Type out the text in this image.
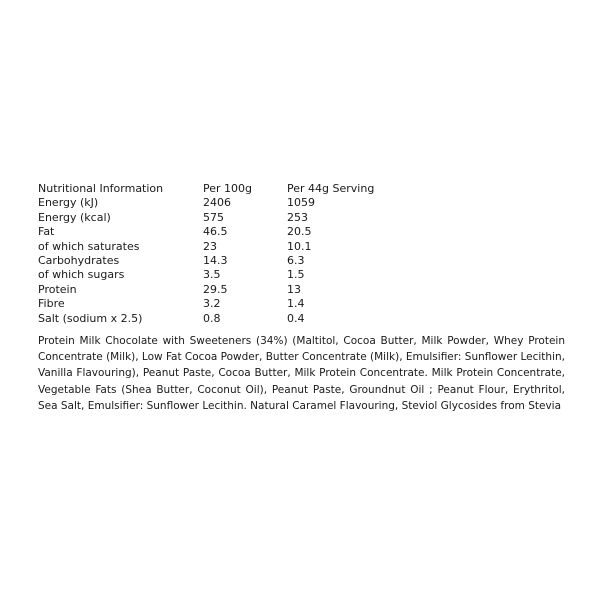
Nutritional Information	Per 100g	Per 44g Serving
Energy (kJ)	2406	1059
Energy (kcal)	575	253
Fat	46.5	20.5
of which saturates	23	10.1
Carbohydrates	14.3	6.3
of which sugars	3.5	1.5
Protein	29.5	13
Fibre	3.2	1.4
Salt (sodium x 2.5)	0.8	0.4

Protein Milk Chocolate with Sweeteners (34%) (Maltitol, Cocoa Butter, Milk Powder, Whey Protein Concentrate (Milk), Low Fat Cocoa Powder, Butter Concentrate (Milk), Emulsifier: Sunflower Lecithin, Vanilla Flavouring), Peanut Paste, Cocoa Butter, Milk Protein Concentrate. Milk Protein Concentrate, Vegetable Fats (Shea Butter, Coconut Oil), Peanut Paste, Groundnut Oil ; Peanut Flour, Erythritol, Sea Salt, Emulsifier: Sunflower Lecithin. Natural Caramel Flavouring, Steviol Glycosides from Stevia
